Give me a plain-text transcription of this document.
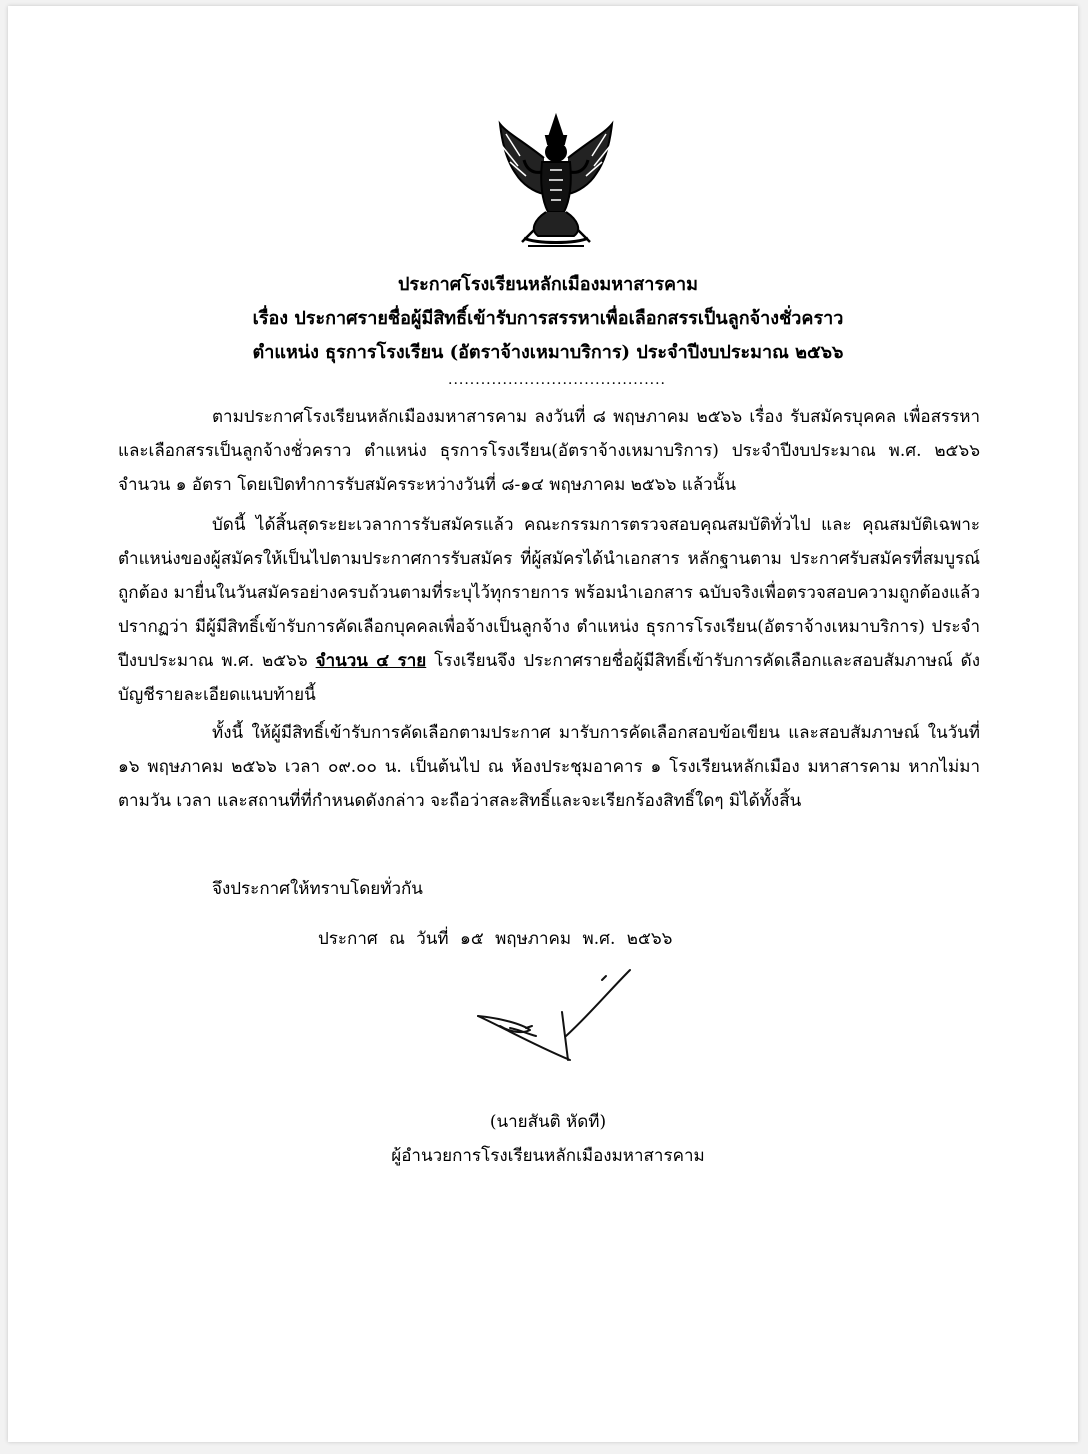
ประกาศโรงเรียนหลักเมืองมหาสารคาม
เรื่อง ประกาศรายชื่อผู้มีสิทธิ์เข้ารับการสรรหาเพื่อเลือกสรรเป็นลูกจ้างชั่วคราว
ตำแหน่ง ธุรการโรงเรียน (อัตราจ้างเหมาบริการ) ประจำปีงบประมาณ ๒๕๖๖
........................................

ตามประกาศโรงเรียนหลักเมืองมหาสารคาม ลงวันที่ ๘ พฤษภาคม ๒๕๖๖ เรื่อง รับสมัครบุคคล เพื่อสรรหาและเลือกสรรเป็นลูกจ้างชั่วคราว ตำแหน่ง ธุรการโรงเรียน(อัตราจ้างเหมาบริการ) ประจำปีงบประมาณ พ.ศ. ๒๕๖๖ จำนวน ๑ อัตรา โดยเปิดทำการรับสมัครระหว่างวันที่ ๘-๑๔ พฤษภาคม ๒๕๖๖ แล้วนั้น

บัดนี้ ได้สิ้นสุดระยะเวลาการรับสมัครแล้ว คณะกรรมการตรวจสอบคุณสมบัติทั่วไป และ คุณสมบัติเฉพาะตำแหน่งของผู้สมัครให้เป็นไปตามประกาศการรับสมัคร ที่ผู้สมัครได้นำเอกสาร หลักฐานตาม ประกาศรับสมัครที่สมบูรณ์ถูกต้อง มายื่นในวันสมัครอย่างครบถ้วนตามที่ระบุไว้ทุกรายการ พร้อมนำเอกสาร ฉบับจริงเพื่อตรวจสอบความถูกต้องแล้ว ปรากฏว่า มีผู้มีสิทธิ์เข้ารับการคัดเลือกบุคคลเพื่อจ้างเป็นลูกจ้าง ตำแหน่ง ธุรการโรงเรียน(อัตราจ้างเหมาบริการ) ประจำปีงบประมาณ พ.ศ. ๒๕๖๖ จำนวน ๔ ราย โรงเรียนจึง ประกาศรายชื่อผู้มีสิทธิ์เข้ารับการคัดเลือกและสอบสัมภาษณ์ ดังบัญชีรายละเอียดแนบท้ายนี้

ทั้งนี้ ให้ผู้มีสิทธิ์เข้ารับการคัดเลือกตามประกาศ มารับการคัดเลือกสอบข้อเขียน และสอบสัมภาษณ์ ในวันที่ ๑๖ พฤษภาคม ๒๕๖๖ เวลา ๐๙.๐๐ น. เป็นต้นไป ณ ห้องประชุมอาคาร ๑ โรงเรียนหลักเมือง มหาสารคาม หากไม่มาตามวัน เวลา และสถานที่ที่กำหนดดังกล่าว จะถือว่าสละสิทธิ์และจะเรียกร้องสิทธิ์ใดๆ มิได้ทั้งสิ้น

จึงประกาศให้ทราบโดยทั่วกัน
ประกาศ ณ วันที่ ๑๕ พฤษภาคม พ.ศ. ๒๕๖๖
(นายสันติ หัดที)
ผู้อำนวยการโรงเรียนหลักเมืองมหาสารคาม
